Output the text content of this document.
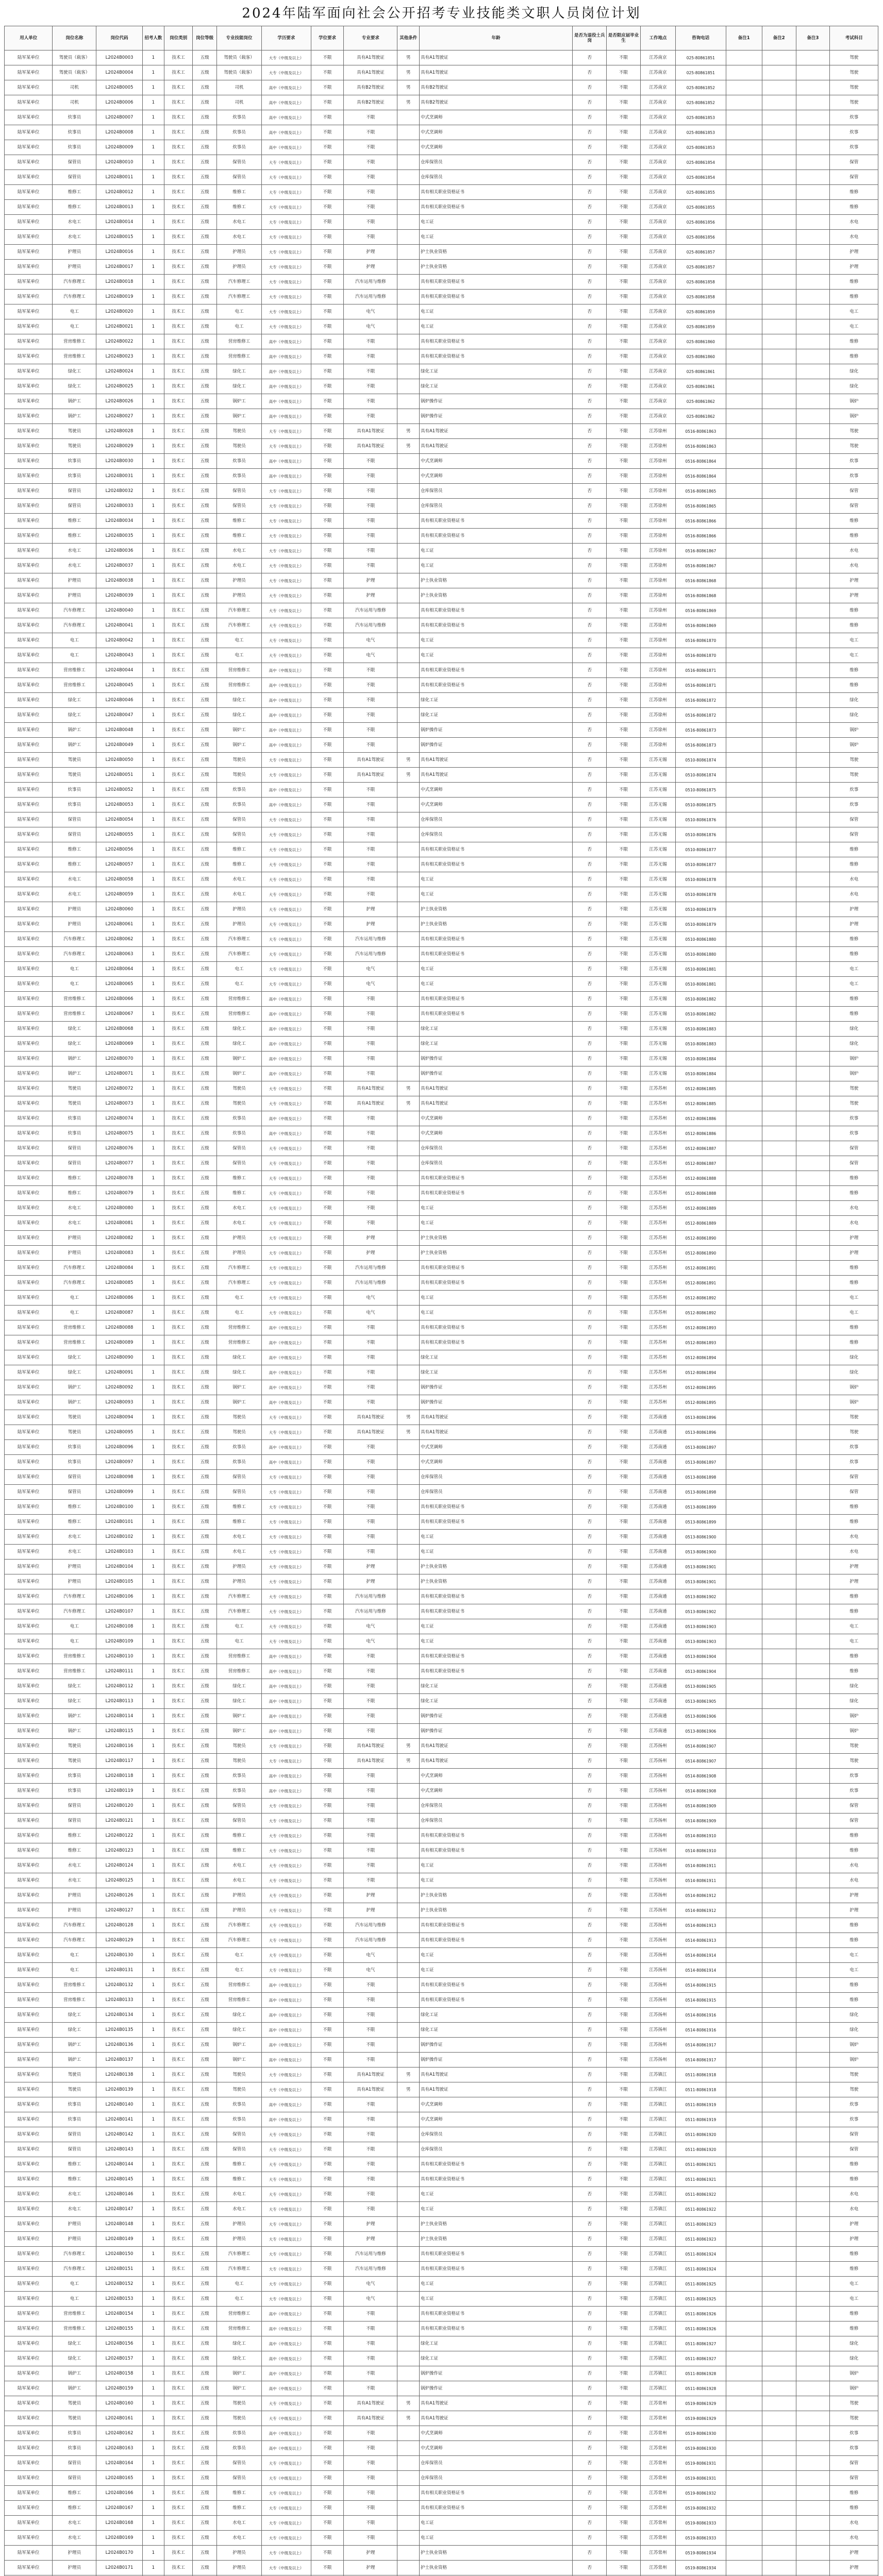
2024年陆军面向社会公开招考专业技能类文职人员岗位计划
用人单位	岗位名称	岗位代码	招考人数	岗位类别	岗位等级	专业技能岗位	学历要求	学位要求	专业要求	其他条件	年龄	是否为退役士兵岗	是否限应届毕业生	工作地点	咨询电话	备注1	备注2	备注3	考试科目
陆军某单位	驾驶员（载客）	L2024B0003	1	技术工	五级	驾驶员（载客）	大专（中级及以上）	不限	具有A1驾驶证	男	具有A1驾驶证	否	不限	江苏南京	025-80861851				驾驶
陆军某单位	驾驶员（载客）	L2024B0004	1	技术工	五级	驾驶员（载客）	大专（中级及以上）	不限	具有A1驾驶证	男	具有A1驾驶证	否	不限	江苏南京	025-80861851				驾驶
陆军某单位	司机	L2024B0005	1	技术工	五级	司机	高中（中级及以上）	不限	具有B2驾驶证	男	具有B2驾驶证	否	不限	江苏南京	025-80861852				驾驶
陆军某单位	司机	L2024B0006	1	技术工	五级	司机	高中（中级及以上）	不限	具有B2驾驶证	男	具有B2驾驶证	否	不限	江苏南京	025-80861852				驾驶
陆军某单位	炊事员	L2024B0007	1	技术工	五级	炊事员	高中（中级及以上）	不限	不限		中式烹调师	否	不限	江苏南京	025-80861853				炊事
陆军某单位	炊事员	L2024B0008	1	技术工	五级	炊事员	高中（中级及以上）	不限	不限		中式烹调师	否	不限	江苏南京	025-80861853				炊事
陆军某单位	炊事员	L2024B0009	1	技术工	五级	炊事员	高中（中级及以上）	不限	不限		中式烹调师	否	不限	江苏南京	025-80861853				炊事
陆军某单位	保管员	L2024B0010	1	技术工	五级	保管员	大专（中级及以上）	不限	不限		仓库保管员	否	不限	江苏南京	025-80861854				保管
陆军某单位	保管员	L2024B0011	1	技术工	五级	保管员	大专（中级及以上）	不限	不限		仓库保管员	否	不限	江苏南京	025-80861854				保管
陆军某单位	维修工	L2024B0012	1	技术工	五级	维修工	大专（中级及以上）	不限	不限		具有相关职业资格证书	否	不限	江苏南京	025-80861855				维修
陆军某单位	维修工	L2024B0013	1	技术工	五级	维修工	大专（中级及以上）	不限	不限		具有相关职业资格证书	否	不限	江苏南京	025-80861855				维修
陆军某单位	水电工	L2024B0014	1	技术工	五级	水电工	大专（中级及以上）	不限	不限		电工证	否	不限	江苏南京	025-80861856				水电
陆军某单位	水电工	L2024B0015	1	技术工	五级	水电工	大专（中级及以上）	不限	不限		电工证	否	不限	江苏南京	025-80861856				水电
陆军某单位	护理员	L2024B0016	1	技术工	五级	护理员	大专（中级及以上）	不限	护理		护士执业资格	否	不限	江苏南京	025-80861857				护理
陆军某单位	护理员	L2024B0017	1	技术工	五级	护理员	大专（中级及以上）	不限	护理		护士执业资格	否	不限	江苏南京	025-80861857				护理
陆军某单位	汽车修理工	L2024B0018	1	技术工	五级	汽车修理工	大专（中级及以上）	不限	汽车运用与维修		具有相关职业资格证书	否	不限	江苏南京	025-80861858				维修
陆军某单位	汽车修理工	L2024B0019	1	技术工	五级	汽车修理工	大专（中级及以上）	不限	汽车运用与维修		具有相关职业资格证书	否	不限	江苏南京	025-80861858				维修
陆军某单位	电工	L2024B0020	1	技术工	五级	电工	大专（中级及以上）	不限	电气		电工证	否	不限	江苏南京	025-80861859				电工
陆军某单位	电工	L2024B0021	1	技术工	五级	电工	大专（中级及以上）	不限	电气		电工证	否	不限	江苏南京	025-80861859				电工
陆军某单位	营房维修工	L2024B0022	1	技术工	五级	营房维修工	高中（中级及以上）	不限	不限		具有相关职业资格证书	否	不限	江苏南京	025-80861860				维修
陆军某单位	营房维修工	L2024B0023	1	技术工	五级	营房维修工	高中（中级及以上）	不限	不限		具有相关职业资格证书	否	不限	江苏南京	025-80861860				维修
陆军某单位	绿化工	L2024B0024	1	技术工	五级	绿化工	高中（中级及以上）	不限	不限		绿化工证	否	不限	江苏南京	025-80861861				绿化
陆军某单位	绿化工	L2024B0025	1	技术工	五级	绿化工	高中（中级及以上）	不限	不限		绿化工证	否	不限	江苏南京	025-80861861				绿化
陆军某单位	锅炉工	L2024B0026	1	技术工	五级	锅炉工	高中（中级及以上）	不限	不限		锅炉操作证	否	不限	江苏南京	025-80861862				锅炉
陆军某单位	锅炉工	L2024B0027	1	技术工	五级	锅炉工	高中（中级及以上）	不限	不限		锅炉操作证	否	不限	江苏南京	025-80861862				锅炉
陆军某单位	驾驶员	L2024B0028	1	技术工	五级	驾驶员	大专（中级及以上）	不限	具有A1驾驶证	男	具有A1驾驶证	否	不限	江苏徐州	0516-80861863				驾驶
陆军某单位	驾驶员	L2024B0029	1	技术工	五级	驾驶员	大专（中级及以上）	不限	具有A1驾驶证	男	具有A1驾驶证	否	不限	江苏徐州	0516-80861863				驾驶
陆军某单位	炊事员	L2024B0030	1	技术工	五级	炊事员	高中（中级及以上）	不限	不限		中式烹调师	否	不限	江苏徐州	0516-80861864				炊事
陆军某单位	炊事员	L2024B0031	1	技术工	五级	炊事员	高中（中级及以上）	不限	不限		中式烹调师	否	不限	江苏徐州	0516-80861864				炊事
陆军某单位	保管员	L2024B0032	1	技术工	五级	保管员	大专（中级及以上）	不限	不限		仓库保管员	否	不限	江苏徐州	0516-80861865				保管
陆军某单位	保管员	L2024B0033	1	技术工	五级	保管员	大专（中级及以上）	不限	不限		仓库保管员	否	不限	江苏徐州	0516-80861865				保管
陆军某单位	维修工	L2024B0034	1	技术工	五级	维修工	大专（中级及以上）	不限	不限		具有相关职业资格证书	否	不限	江苏徐州	0516-80861866				维修
陆军某单位	维修工	L2024B0035	1	技术工	五级	维修工	大专（中级及以上）	不限	不限		具有相关职业资格证书	否	不限	江苏徐州	0516-80861866				维修
陆军某单位	水电工	L2024B0036	1	技术工	五级	水电工	大专（中级及以上）	不限	不限		电工证	否	不限	江苏徐州	0516-80861867				水电
陆军某单位	水电工	L2024B0037	1	技术工	五级	水电工	大专（中级及以上）	不限	不限		电工证	否	不限	江苏徐州	0516-80861867				水电
陆军某单位	护理员	L2024B0038	1	技术工	五级	护理员	大专（中级及以上）	不限	护理		护士执业资格	否	不限	江苏徐州	0516-80861868				护理
陆军某单位	护理员	L2024B0039	1	技术工	五级	护理员	大专（中级及以上）	不限	护理		护士执业资格	否	不限	江苏徐州	0516-80861868				护理
陆军某单位	汽车修理工	L2024B0040	1	技术工	五级	汽车修理工	大专（中级及以上）	不限	汽车运用与维修		具有相关职业资格证书	否	不限	江苏徐州	0516-80861869				维修
陆军某单位	汽车修理工	L2024B0041	1	技术工	五级	汽车修理工	大专（中级及以上）	不限	汽车运用与维修		具有相关职业资格证书	否	不限	江苏徐州	0516-80861869				维修
陆军某单位	电工	L2024B0042	1	技术工	五级	电工	大专（中级及以上）	不限	电气		电工证	否	不限	江苏徐州	0516-80861870				电工
陆军某单位	电工	L2024B0043	1	技术工	五级	电工	大专（中级及以上）	不限	电气		电工证	否	不限	江苏徐州	0516-80861870				电工
陆军某单位	营房维修工	L2024B0044	1	技术工	五级	营房维修工	高中（中级及以上）	不限	不限		具有相关职业资格证书	否	不限	江苏徐州	0516-80861871				维修
陆军某单位	营房维修工	L2024B0045	1	技术工	五级	营房维修工	高中（中级及以上）	不限	不限		具有相关职业资格证书	否	不限	江苏徐州	0516-80861871				维修
陆军某单位	绿化工	L2024B0046	1	技术工	五级	绿化工	高中（中级及以上）	不限	不限		绿化工证	否	不限	江苏徐州	0516-80861872				绿化
陆军某单位	绿化工	L2024B0047	1	技术工	五级	绿化工	高中（中级及以上）	不限	不限		绿化工证	否	不限	江苏徐州	0516-80861872				绿化
陆军某单位	锅炉工	L2024B0048	1	技术工	五级	锅炉工	高中（中级及以上）	不限	不限		锅炉操作证	否	不限	江苏徐州	0516-80861873				锅炉
陆军某单位	锅炉工	L2024B0049	1	技术工	五级	锅炉工	高中（中级及以上）	不限	不限		锅炉操作证	否	不限	江苏徐州	0516-80861873				锅炉
陆军某单位	驾驶员	L2024B0050	1	技术工	五级	驾驶员	大专（中级及以上）	不限	具有A1驾驶证	男	具有A1驾驶证	否	不限	江苏无锡	0510-80861874				驾驶
陆军某单位	驾驶员	L2024B0051	1	技术工	五级	驾驶员	大专（中级及以上）	不限	具有A1驾驶证	男	具有A1驾驶证	否	不限	江苏无锡	0510-80861874				驾驶
陆军某单位	炊事员	L2024B0052	1	技术工	五级	炊事员	高中（中级及以上）	不限	不限		中式烹调师	否	不限	江苏无锡	0510-80861875				炊事
陆军某单位	炊事员	L2024B0053	1	技术工	五级	炊事员	高中（中级及以上）	不限	不限		中式烹调师	否	不限	江苏无锡	0510-80861875				炊事
陆军某单位	保管员	L2024B0054	1	技术工	五级	保管员	大专（中级及以上）	不限	不限		仓库保管员	否	不限	江苏无锡	0510-80861876				保管
陆军某单位	保管员	L2024B0055	1	技术工	五级	保管员	大专（中级及以上）	不限	不限		仓库保管员	否	不限	江苏无锡	0510-80861876				保管
陆军某单位	维修工	L2024B0056	1	技术工	五级	维修工	大专（中级及以上）	不限	不限		具有相关职业资格证书	否	不限	江苏无锡	0510-80861877				维修
陆军某单位	维修工	L2024B0057	1	技术工	五级	维修工	大专（中级及以上）	不限	不限		具有相关职业资格证书	否	不限	江苏无锡	0510-80861877				维修
陆军某单位	水电工	L2024B0058	1	技术工	五级	水电工	大专（中级及以上）	不限	不限		电工证	否	不限	江苏无锡	0510-80861878				水电
陆军某单位	水电工	L2024B0059	1	技术工	五级	水电工	大专（中级及以上）	不限	不限		电工证	否	不限	江苏无锡	0510-80861878				水电
陆军某单位	护理员	L2024B0060	1	技术工	五级	护理员	大专（中级及以上）	不限	护理		护士执业资格	否	不限	江苏无锡	0510-80861879				护理
陆军某单位	护理员	L2024B0061	1	技术工	五级	护理员	大专（中级及以上）	不限	护理		护士执业资格	否	不限	江苏无锡	0510-80861879				护理
陆军某单位	汽车修理工	L2024B0062	1	技术工	五级	汽车修理工	大专（中级及以上）	不限	汽车运用与维修		具有相关职业资格证书	否	不限	江苏无锡	0510-80861880				维修
陆军某单位	汽车修理工	L2024B0063	1	技术工	五级	汽车修理工	大专（中级及以上）	不限	汽车运用与维修		具有相关职业资格证书	否	不限	江苏无锡	0510-80861880				维修
陆军某单位	电工	L2024B0064	1	技术工	五级	电工	大专（中级及以上）	不限	电气		电工证	否	不限	江苏无锡	0510-80861881				电工
陆军某单位	电工	L2024B0065	1	技术工	五级	电工	大专（中级及以上）	不限	电气		电工证	否	不限	江苏无锡	0510-80861881				电工
陆军某单位	营房维修工	L2024B0066	1	技术工	五级	营房维修工	高中（中级及以上）	不限	不限		具有相关职业资格证书	否	不限	江苏无锡	0510-80861882				维修
陆军某单位	营房维修工	L2024B0067	1	技术工	五级	营房维修工	高中（中级及以上）	不限	不限		具有相关职业资格证书	否	不限	江苏无锡	0510-80861882				维修
陆军某单位	绿化工	L2024B0068	1	技术工	五级	绿化工	高中（中级及以上）	不限	不限		绿化工证	否	不限	江苏无锡	0510-80861883				绿化
陆军某单位	绿化工	L2024B0069	1	技术工	五级	绿化工	高中（中级及以上）	不限	不限		绿化工证	否	不限	江苏无锡	0510-80861883				绿化
陆军某单位	锅炉工	L2024B0070	1	技术工	五级	锅炉工	高中（中级及以上）	不限	不限		锅炉操作证	否	不限	江苏无锡	0510-80861884				锅炉
陆军某单位	锅炉工	L2024B0071	1	技术工	五级	锅炉工	高中（中级及以上）	不限	不限		锅炉操作证	否	不限	江苏无锡	0510-80861884				锅炉
陆军某单位	驾驶员	L2024B0072	1	技术工	五级	驾驶员	大专（中级及以上）	不限	具有A1驾驶证	男	具有A1驾驶证	否	不限	江苏苏州	0512-80861885				驾驶
陆军某单位	驾驶员	L2024B0073	1	技术工	五级	驾驶员	大专（中级及以上）	不限	具有A1驾驶证	男	具有A1驾驶证	否	不限	江苏苏州	0512-80861885				驾驶
陆军某单位	炊事员	L2024B0074	1	技术工	五级	炊事员	高中（中级及以上）	不限	不限		中式烹调师	否	不限	江苏苏州	0512-80861886				炊事
陆军某单位	炊事员	L2024B0075	1	技术工	五级	炊事员	高中（中级及以上）	不限	不限		中式烹调师	否	不限	江苏苏州	0512-80861886				炊事
陆军某单位	保管员	L2024B0076	1	技术工	五级	保管员	大专（中级及以上）	不限	不限		仓库保管员	否	不限	江苏苏州	0512-80861887				保管
陆军某单位	保管员	L2024B0077	1	技术工	五级	保管员	大专（中级及以上）	不限	不限		仓库保管员	否	不限	江苏苏州	0512-80861887				保管
陆军某单位	维修工	L2024B0078	1	技术工	五级	维修工	大专（中级及以上）	不限	不限		具有相关职业资格证书	否	不限	江苏苏州	0512-80861888				维修
陆军某单位	维修工	L2024B0079	1	技术工	五级	维修工	大专（中级及以上）	不限	不限		具有相关职业资格证书	否	不限	江苏苏州	0512-80861888				维修
陆军某单位	水电工	L2024B0080	1	技术工	五级	水电工	大专（中级及以上）	不限	不限		电工证	否	不限	江苏苏州	0512-80861889				水电
陆军某单位	水电工	L2024B0081	1	技术工	五级	水电工	大专（中级及以上）	不限	不限		电工证	否	不限	江苏苏州	0512-80861889				水电
陆军某单位	护理员	L2024B0082	1	技术工	五级	护理员	大专（中级及以上）	不限	护理		护士执业资格	否	不限	江苏苏州	0512-80861890				护理
陆军某单位	护理员	L2024B0083	1	技术工	五级	护理员	大专（中级及以上）	不限	护理		护士执业资格	否	不限	江苏苏州	0512-80861890				护理
陆军某单位	汽车修理工	L2024B0084	1	技术工	五级	汽车修理工	大专（中级及以上）	不限	汽车运用与维修		具有相关职业资格证书	否	不限	江苏苏州	0512-80861891				维修
陆军某单位	汽车修理工	L2024B0085	1	技术工	五级	汽车修理工	大专（中级及以上）	不限	汽车运用与维修		具有相关职业资格证书	否	不限	江苏苏州	0512-80861891				维修
陆军某单位	电工	L2024B0086	1	技术工	五级	电工	大专（中级及以上）	不限	电气		电工证	否	不限	江苏苏州	0512-80861892				电工
陆军某单位	电工	L2024B0087	1	技术工	五级	电工	大专（中级及以上）	不限	电气		电工证	否	不限	江苏苏州	0512-80861892				电工
陆军某单位	营房维修工	L2024B0088	1	技术工	五级	营房维修工	高中（中级及以上）	不限	不限		具有相关职业资格证书	否	不限	江苏苏州	0512-80861893				维修
陆军某单位	营房维修工	L2024B0089	1	技术工	五级	营房维修工	高中（中级及以上）	不限	不限		具有相关职业资格证书	否	不限	江苏苏州	0512-80861893				维修
陆军某单位	绿化工	L2024B0090	1	技术工	五级	绿化工	高中（中级及以上）	不限	不限		绿化工证	否	不限	江苏苏州	0512-80861894				绿化
陆军某单位	绿化工	L2024B0091	1	技术工	五级	绿化工	高中（中级及以上）	不限	不限		绿化工证	否	不限	江苏苏州	0512-80861894				绿化
陆军某单位	锅炉工	L2024B0092	1	技术工	五级	锅炉工	高中（中级及以上）	不限	不限		锅炉操作证	否	不限	江苏苏州	0512-80861895				锅炉
陆军某单位	锅炉工	L2024B0093	1	技术工	五级	锅炉工	高中（中级及以上）	不限	不限		锅炉操作证	否	不限	江苏苏州	0512-80861895				锅炉
陆军某单位	驾驶员	L2024B0094	1	技术工	五级	驾驶员	大专（中级及以上）	不限	具有A1驾驶证	男	具有A1驾驶证	否	不限	江苏南通	0513-80861896				驾驶
陆军某单位	驾驶员	L2024B0095	1	技术工	五级	驾驶员	大专（中级及以上）	不限	具有A1驾驶证	男	具有A1驾驶证	否	不限	江苏南通	0513-80861896				驾驶
陆军某单位	炊事员	L2024B0096	1	技术工	五级	炊事员	高中（中级及以上）	不限	不限		中式烹调师	否	不限	江苏南通	0513-80861897				炊事
陆军某单位	炊事员	L2024B0097	1	技术工	五级	炊事员	高中（中级及以上）	不限	不限		中式烹调师	否	不限	江苏南通	0513-80861897				炊事
陆军某单位	保管员	L2024B0098	1	技术工	五级	保管员	大专（中级及以上）	不限	不限		仓库保管员	否	不限	江苏南通	0513-80861898				保管
陆军某单位	保管员	L2024B0099	1	技术工	五级	保管员	大专（中级及以上）	不限	不限		仓库保管员	否	不限	江苏南通	0513-80861898				保管
陆军某单位	维修工	L2024B0100	1	技术工	五级	维修工	大专（中级及以上）	不限	不限		具有相关职业资格证书	否	不限	江苏南通	0513-80861899				维修
陆军某单位	维修工	L2024B0101	1	技术工	五级	维修工	大专（中级及以上）	不限	不限		具有相关职业资格证书	否	不限	江苏南通	0513-80861899				维修
陆军某单位	水电工	L2024B0102	1	技术工	五级	水电工	大专（中级及以上）	不限	不限		电工证	否	不限	江苏南通	0513-80861900				水电
陆军某单位	水电工	L2024B0103	1	技术工	五级	水电工	大专（中级及以上）	不限	不限		电工证	否	不限	江苏南通	0513-80861900				水电
陆军某单位	护理员	L2024B0104	1	技术工	五级	护理员	大专（中级及以上）	不限	护理		护士执业资格	否	不限	江苏南通	0513-80861901				护理
陆军某单位	护理员	L2024B0105	1	技术工	五级	护理员	大专（中级及以上）	不限	护理		护士执业资格	否	不限	江苏南通	0513-80861901				护理
陆军某单位	汽车修理工	L2024B0106	1	技术工	五级	汽车修理工	大专（中级及以上）	不限	汽车运用与维修		具有相关职业资格证书	否	不限	江苏南通	0513-80861902				维修
陆军某单位	汽车修理工	L2024B0107	1	技术工	五级	汽车修理工	大专（中级及以上）	不限	汽车运用与维修		具有相关职业资格证书	否	不限	江苏南通	0513-80861902				维修
陆军某单位	电工	L2024B0108	1	技术工	五级	电工	大专（中级及以上）	不限	电气		电工证	否	不限	江苏南通	0513-80861903				电工
陆军某单位	电工	L2024B0109	1	技术工	五级	电工	大专（中级及以上）	不限	电气		电工证	否	不限	江苏南通	0513-80861903				电工
陆军某单位	营房维修工	L2024B0110	1	技术工	五级	营房维修工	高中（中级及以上）	不限	不限		具有相关职业资格证书	否	不限	江苏南通	0513-80861904				维修
陆军某单位	营房维修工	L2024B0111	1	技术工	五级	营房维修工	高中（中级及以上）	不限	不限		具有相关职业资格证书	否	不限	江苏南通	0513-80861904				维修
陆军某单位	绿化工	L2024B0112	1	技术工	五级	绿化工	高中（中级及以上）	不限	不限		绿化工证	否	不限	江苏南通	0513-80861905				绿化
陆军某单位	绿化工	L2024B0113	1	技术工	五级	绿化工	高中（中级及以上）	不限	不限		绿化工证	否	不限	江苏南通	0513-80861905				绿化
陆军某单位	锅炉工	L2024B0114	1	技术工	五级	锅炉工	高中（中级及以上）	不限	不限		锅炉操作证	否	不限	江苏南通	0513-80861906				锅炉
陆军某单位	锅炉工	L2024B0115	1	技术工	五级	锅炉工	高中（中级及以上）	不限	不限		锅炉操作证	否	不限	江苏南通	0513-80861906				锅炉
陆军某单位	驾驶员	L2024B0116	1	技术工	五级	驾驶员	大专（中级及以上）	不限	具有A1驾驶证	男	具有A1驾驶证	否	不限	江苏扬州	0514-80861907				驾驶
陆军某单位	驾驶员	L2024B0117	1	技术工	五级	驾驶员	大专（中级及以上）	不限	具有A1驾驶证	男	具有A1驾驶证	否	不限	江苏扬州	0514-80861907				驾驶
陆军某单位	炊事员	L2024B0118	1	技术工	五级	炊事员	高中（中级及以上）	不限	不限		中式烹调师	否	不限	江苏扬州	0514-80861908				炊事
陆军某单位	炊事员	L2024B0119	1	技术工	五级	炊事员	高中（中级及以上）	不限	不限		中式烹调师	否	不限	江苏扬州	0514-80861908				炊事
陆军某单位	保管员	L2024B0120	1	技术工	五级	保管员	大专（中级及以上）	不限	不限		仓库保管员	否	不限	江苏扬州	0514-80861909				保管
陆军某单位	保管员	L2024B0121	1	技术工	五级	保管员	大专（中级及以上）	不限	不限		仓库保管员	否	不限	江苏扬州	0514-80861909				保管
陆军某单位	维修工	L2024B0122	1	技术工	五级	维修工	大专（中级及以上）	不限	不限		具有相关职业资格证书	否	不限	江苏扬州	0514-80861910				维修
陆军某单位	维修工	L2024B0123	1	技术工	五级	维修工	大专（中级及以上）	不限	不限		具有相关职业资格证书	否	不限	江苏扬州	0514-80861910				维修
陆军某单位	水电工	L2024B0124	1	技术工	五级	水电工	大专（中级及以上）	不限	不限		电工证	否	不限	江苏扬州	0514-80861911				水电
陆军某单位	水电工	L2024B0125	1	技术工	五级	水电工	大专（中级及以上）	不限	不限		电工证	否	不限	江苏扬州	0514-80861911				水电
陆军某单位	护理员	L2024B0126	1	技术工	五级	护理员	大专（中级及以上）	不限	护理		护士执业资格	否	不限	江苏扬州	0514-80861912				护理
陆军某单位	护理员	L2024B0127	1	技术工	五级	护理员	大专（中级及以上）	不限	护理		护士执业资格	否	不限	江苏扬州	0514-80861912				护理
陆军某单位	汽车修理工	L2024B0128	1	技术工	五级	汽车修理工	大专（中级及以上）	不限	汽车运用与维修		具有相关职业资格证书	否	不限	江苏扬州	0514-80861913				维修
陆军某单位	汽车修理工	L2024B0129	1	技术工	五级	汽车修理工	大专（中级及以上）	不限	汽车运用与维修		具有相关职业资格证书	否	不限	江苏扬州	0514-80861913				维修
陆军某单位	电工	L2024B0130	1	技术工	五级	电工	大专（中级及以上）	不限	电气		电工证	否	不限	江苏扬州	0514-80861914				电工
陆军某单位	电工	L2024B0131	1	技术工	五级	电工	大专（中级及以上）	不限	电气		电工证	否	不限	江苏扬州	0514-80861914				电工
陆军某单位	营房维修工	L2024B0132	1	技术工	五级	营房维修工	高中（中级及以上）	不限	不限		具有相关职业资格证书	否	不限	江苏扬州	0514-80861915				维修
陆军某单位	营房维修工	L2024B0133	1	技术工	五级	营房维修工	高中（中级及以上）	不限	不限		具有相关职业资格证书	否	不限	江苏扬州	0514-80861915				维修
陆军某单位	绿化工	L2024B0134	1	技术工	五级	绿化工	高中（中级及以上）	不限	不限		绿化工证	否	不限	江苏扬州	0514-80861916				绿化
陆军某单位	绿化工	L2024B0135	1	技术工	五级	绿化工	高中（中级及以上）	不限	不限		绿化工证	否	不限	江苏扬州	0514-80861916				绿化
陆军某单位	锅炉工	L2024B0136	1	技术工	五级	锅炉工	高中（中级及以上）	不限	不限		锅炉操作证	否	不限	江苏扬州	0514-80861917				锅炉
陆军某单位	锅炉工	L2024B0137	1	技术工	五级	锅炉工	高中（中级及以上）	不限	不限		锅炉操作证	否	不限	江苏扬州	0514-80861917				锅炉
陆军某单位	驾驶员	L2024B0138	1	技术工	五级	驾驶员	大专（中级及以上）	不限	具有A1驾驶证	男	具有A1驾驶证	否	不限	江苏镇江	0511-80861918				驾驶
陆军某单位	驾驶员	L2024B0139	1	技术工	五级	驾驶员	大专（中级及以上）	不限	具有A1驾驶证	男	具有A1驾驶证	否	不限	江苏镇江	0511-80861918				驾驶
陆军某单位	炊事员	L2024B0140	1	技术工	五级	炊事员	高中（中级及以上）	不限	不限		中式烹调师	否	不限	江苏镇江	0511-80861919				炊事
陆军某单位	炊事员	L2024B0141	1	技术工	五级	炊事员	高中（中级及以上）	不限	不限		中式烹调师	否	不限	江苏镇江	0511-80861919				炊事
陆军某单位	保管员	L2024B0142	1	技术工	五级	保管员	大专（中级及以上）	不限	不限		仓库保管员	否	不限	江苏镇江	0511-80861920				保管
陆军某单位	保管员	L2024B0143	1	技术工	五级	保管员	大专（中级及以上）	不限	不限		仓库保管员	否	不限	江苏镇江	0511-80861920				保管
陆军某单位	维修工	L2024B0144	1	技术工	五级	维修工	大专（中级及以上）	不限	不限		具有相关职业资格证书	否	不限	江苏镇江	0511-80861921				维修
陆军某单位	维修工	L2024B0145	1	技术工	五级	维修工	大专（中级及以上）	不限	不限		具有相关职业资格证书	否	不限	江苏镇江	0511-80861921				维修
陆军某单位	水电工	L2024B0146	1	技术工	五级	水电工	大专（中级及以上）	不限	不限		电工证	否	不限	江苏镇江	0511-80861922				水电
陆军某单位	水电工	L2024B0147	1	技术工	五级	水电工	大专（中级及以上）	不限	不限		电工证	否	不限	江苏镇江	0511-80861922				水电
陆军某单位	护理员	L2024B0148	1	技术工	五级	护理员	大专（中级及以上）	不限	护理		护士执业资格	否	不限	江苏镇江	0511-80861923				护理
陆军某单位	护理员	L2024B0149	1	技术工	五级	护理员	大专（中级及以上）	不限	护理		护士执业资格	否	不限	江苏镇江	0511-80861923				护理
陆军某单位	汽车修理工	L2024B0150	1	技术工	五级	汽车修理工	大专（中级及以上）	不限	汽车运用与维修		具有相关职业资格证书	否	不限	江苏镇江	0511-80861924				维修
陆军某单位	汽车修理工	L2024B0151	1	技术工	五级	汽车修理工	大专（中级及以上）	不限	汽车运用与维修		具有相关职业资格证书	否	不限	江苏镇江	0511-80861924				维修
陆军某单位	电工	L2024B0152	1	技术工	五级	电工	大专（中级及以上）	不限	电气		电工证	否	不限	江苏镇江	0511-80861925				电工
陆军某单位	电工	L2024B0153	1	技术工	五级	电工	大专（中级及以上）	不限	电气		电工证	否	不限	江苏镇江	0511-80861925				电工
陆军某单位	营房维修工	L2024B0154	1	技术工	五级	营房维修工	高中（中级及以上）	不限	不限		具有相关职业资格证书	否	不限	江苏镇江	0511-80861926				维修
陆军某单位	营房维修工	L2024B0155	1	技术工	五级	营房维修工	高中（中级及以上）	不限	不限		具有相关职业资格证书	否	不限	江苏镇江	0511-80861926				维修
陆军某单位	绿化工	L2024B0156	1	技术工	五级	绿化工	高中（中级及以上）	不限	不限		绿化工证	否	不限	江苏镇江	0511-80861927				绿化
陆军某单位	绿化工	L2024B0157	1	技术工	五级	绿化工	高中（中级及以上）	不限	不限		绿化工证	否	不限	江苏镇江	0511-80861927				绿化
陆军某单位	锅炉工	L2024B0158	1	技术工	五级	锅炉工	高中（中级及以上）	不限	不限		锅炉操作证	否	不限	江苏镇江	0511-80861928				锅炉
陆军某单位	锅炉工	L2024B0159	1	技术工	五级	锅炉工	高中（中级及以上）	不限	不限		锅炉操作证	否	不限	江苏镇江	0511-80861928				锅炉
陆军某单位	驾驶员	L2024B0160	1	技术工	五级	驾驶员	大专（中级及以上）	不限	具有A1驾驶证	男	具有A1驾驶证	否	不限	江苏常州	0519-80861929				驾驶
陆军某单位	驾驶员	L2024B0161	1	技术工	五级	驾驶员	大专（中级及以上）	不限	具有A1驾驶证	男	具有A1驾驶证	否	不限	江苏常州	0519-80861929				驾驶
陆军某单位	炊事员	L2024B0162	1	技术工	五级	炊事员	高中（中级及以上）	不限	不限		中式烹调师	否	不限	江苏常州	0519-80861930				炊事
陆军某单位	炊事员	L2024B0163	1	技术工	五级	炊事员	高中（中级及以上）	不限	不限		中式烹调师	否	不限	江苏常州	0519-80861930				炊事
陆军某单位	保管员	L2024B0164	1	技术工	五级	保管员	大专（中级及以上）	不限	不限		仓库保管员	否	不限	江苏常州	0519-80861931				保管
陆军某单位	保管员	L2024B0165	1	技术工	五级	保管员	大专（中级及以上）	不限	不限		仓库保管员	否	不限	江苏常州	0519-80861931				保管
陆军某单位	维修工	L2024B0166	1	技术工	五级	维修工	大专（中级及以上）	不限	不限		具有相关职业资格证书	否	不限	江苏常州	0519-80861932				维修
陆军某单位	维修工	L2024B0167	1	技术工	五级	维修工	大专（中级及以上）	不限	不限		具有相关职业资格证书	否	不限	江苏常州	0519-80861932				维修
陆军某单位	水电工	L2024B0168	1	技术工	五级	水电工	大专（中级及以上）	不限	不限		电工证	否	不限	江苏常州	0519-80861933				水电
陆军某单位	水电工	L2024B0169	1	技术工	五级	水电工	大专（中级及以上）	不限	不限		电工证	否	不限	江苏常州	0519-80861933				水电
陆军某单位	护理员	L2024B0170	1	技术工	五级	护理员	大专（中级及以上）	不限	护理		护士执业资格	否	不限	江苏常州	0519-80861934				护理
陆军某单位	护理员	L2024B0171	1	技术工	五级	护理员	大专（中级及以上）	不限	护理		护士执业资格	否	不限	江苏常州	0519-80861934				护理
